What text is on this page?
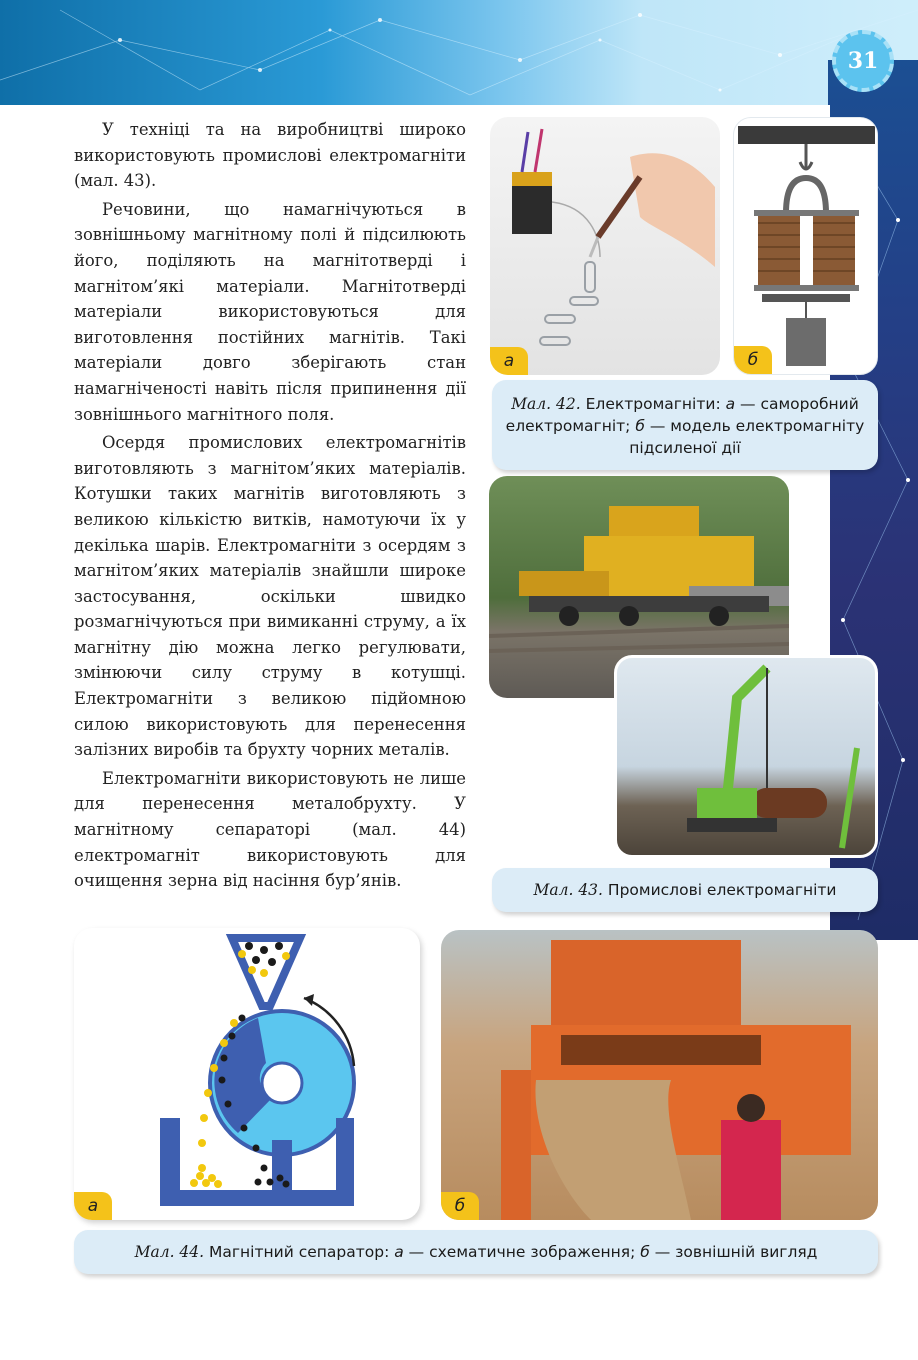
31

У техніці та на виробництві широко використовують промислові електромагніти (мал. 43).

Речовини, що намагнічуються в зовнішньому магнітному полі й підсилюють його, поділяють на магнітотверді і магнітом’які матеріали. Магнітотверді матеріали використовуються для виготовлення постійних магнітів. Такі матеріали довго зберігають стан намагніченості навіть після припинення дії зовнішнього магнітного поля.

Осердя промислових електромагнітів виготовляють з магнітом’яких матеріалів. Котушки таких магнітів виготовляють з великою кількістю витків, намотуючи їх у декілька шарів. Електромагніти з осердям з магнітом’яких матеріалів знайшли широке застосування, оскільки швидко розмагнічуються при вимиканні струму, а їх магнітну дію можна легко регулювати, змінюючи силу струму в котушці. Електромагніти з великою підйомною силою використовують для перенесення залізних виробів та брухту чорних металів.

Електромагніти використовують не лише для перенесення металобрухту. У магнітному сепараторі (мал. 44) електромагніт використовують для очищення зерна від насіння бур’янів.

а	б
Мал. 42. Електромагніти: а — саморобний електромагніт; б — модель електромагніту підсиленої дії
Мал. 43. Промислові електромагніти
а	б
Мал. 44. Магнітний сепаратор: а — схематичне зображення; б — зовнішній вигляд
